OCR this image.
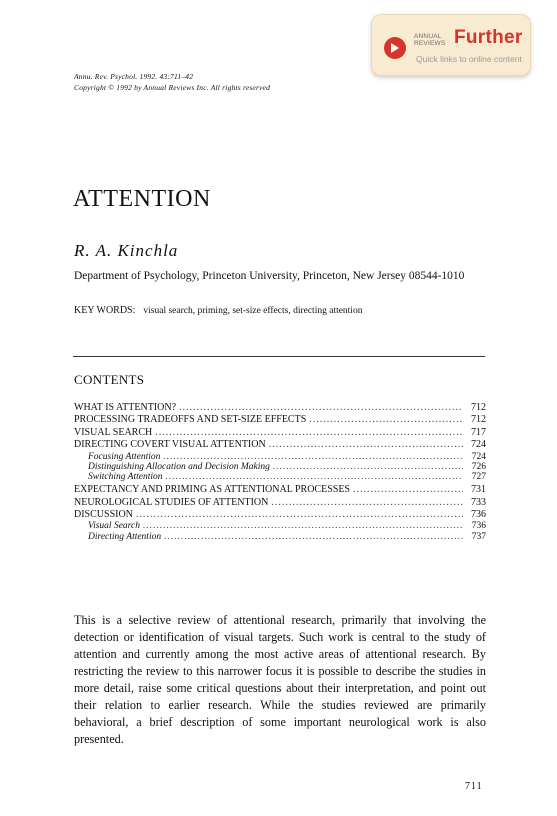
ANNUAL
REVIEWS Further
Quick links to online content
Annu. Rev. Psychol. 1992. 43:711–42
Copyright © 1992 by Annual Reviews Inc. All rights reserved
ATTENTION
R. A. Kinchla
Department of Psychology, Princeton University, Princeton, New Jersey 08544-1010
KEY WORDS: visual search, priming, set-size effects, directing attention
CONTENTS
WHAT IS ATTENTION? .....	712
PROCESSING TRADEOFFS AND SET-SIZE EFFECTS .....	712
VISUAL SEARCH .....	717
DIRECTING COVERT VISUAL ATTENTION .....	724
Focusing Attention .....	724
Distinguishing Allocation and Decision Making .....	726
Switching Attention .....	727
EXPECTANCY AND PRIMING AS ATTENTIONAL PROCESSES .....	731
NEUROLOGICAL STUDIES OF ATTENTION .....	733
DISCUSSION .....	736
Visual Search .....	736
Directing Attention .....	737

This is a selective review of attentional research, primarily that involving the detection or identification of visual targets. Such work is central to the study of attention and currently among the most active areas of attentional research. By restricting the review to this narrower focus it is possible to describe the studies in more detail, raise some critical questions about their interpretation, and point out their relation to earlier research. While the studies reviewed are primarily behavioral, a brief description of some important neurological work is also presented.

711
